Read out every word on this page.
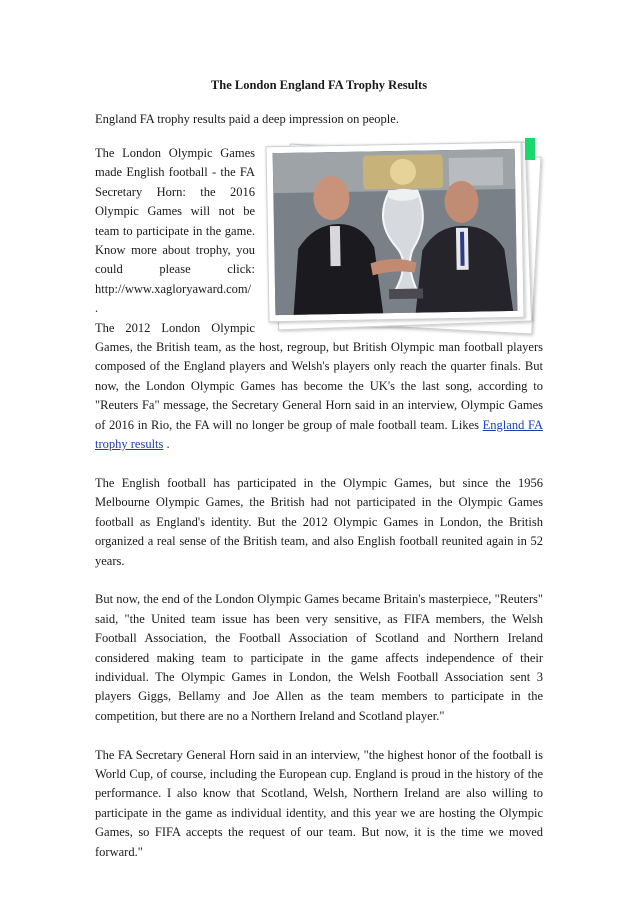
The London England FA Trophy Results

England FA trophy results paid a deep impression on people.

The London Olympic Games made English football - the FA Secretary Horn: the 2016 Olympic Games will not be team to participate in the game. Know more about trophy, you could please click: http://www.xagloryaward.com/ .
The 2012 London Olympic Games, the British team, as the host, regroup, but British Olympic man football players composed of the England players and Welsh's players only reach the quarter finals. But now, the London Olympic Games has become the UK's the last song, according to "Reuters Fa" message, the Secretary General Horn said in an interview, Olympic Games of 2016 in Rio, the FA will no longer be group of male football team. Likes England FA trophy results .

The English football has participated in the Olympic Games, but since the 1956 Melbourne Olympic Games, the British had not participated in the Olympic Games football as England's identity. But the 2012 Olympic Games in London, the British organized a real sense of the British team, and also English football reunited again in 52 years.

But now, the end of the London Olympic Games became Britain's masterpiece, "Reuters" said, "the United team issue has been very sensitive, as FIFA members, the Welsh Football Association, the Football Association of Scotland and Northern Ireland considered making team to participate in the game affects independence of their individual. The Olympic Games in London, the Welsh Football Association sent 3 players Giggs, Bellamy and Joe Allen as the team members to participate in the competition, but there are no a Northern Ireland and Scotland player."

The FA Secretary General Horn said in an interview, "the highest honor of the football is World Cup, of course, including the European cup. England is proud in the history of the performance. I also know that Scotland, Welsh, Northern Ireland are also willing to participate in the game as individual identity, and this year we are hosting the Olympic Games, so FIFA accepts the request of our team. But now, it is the time we moved forward."
